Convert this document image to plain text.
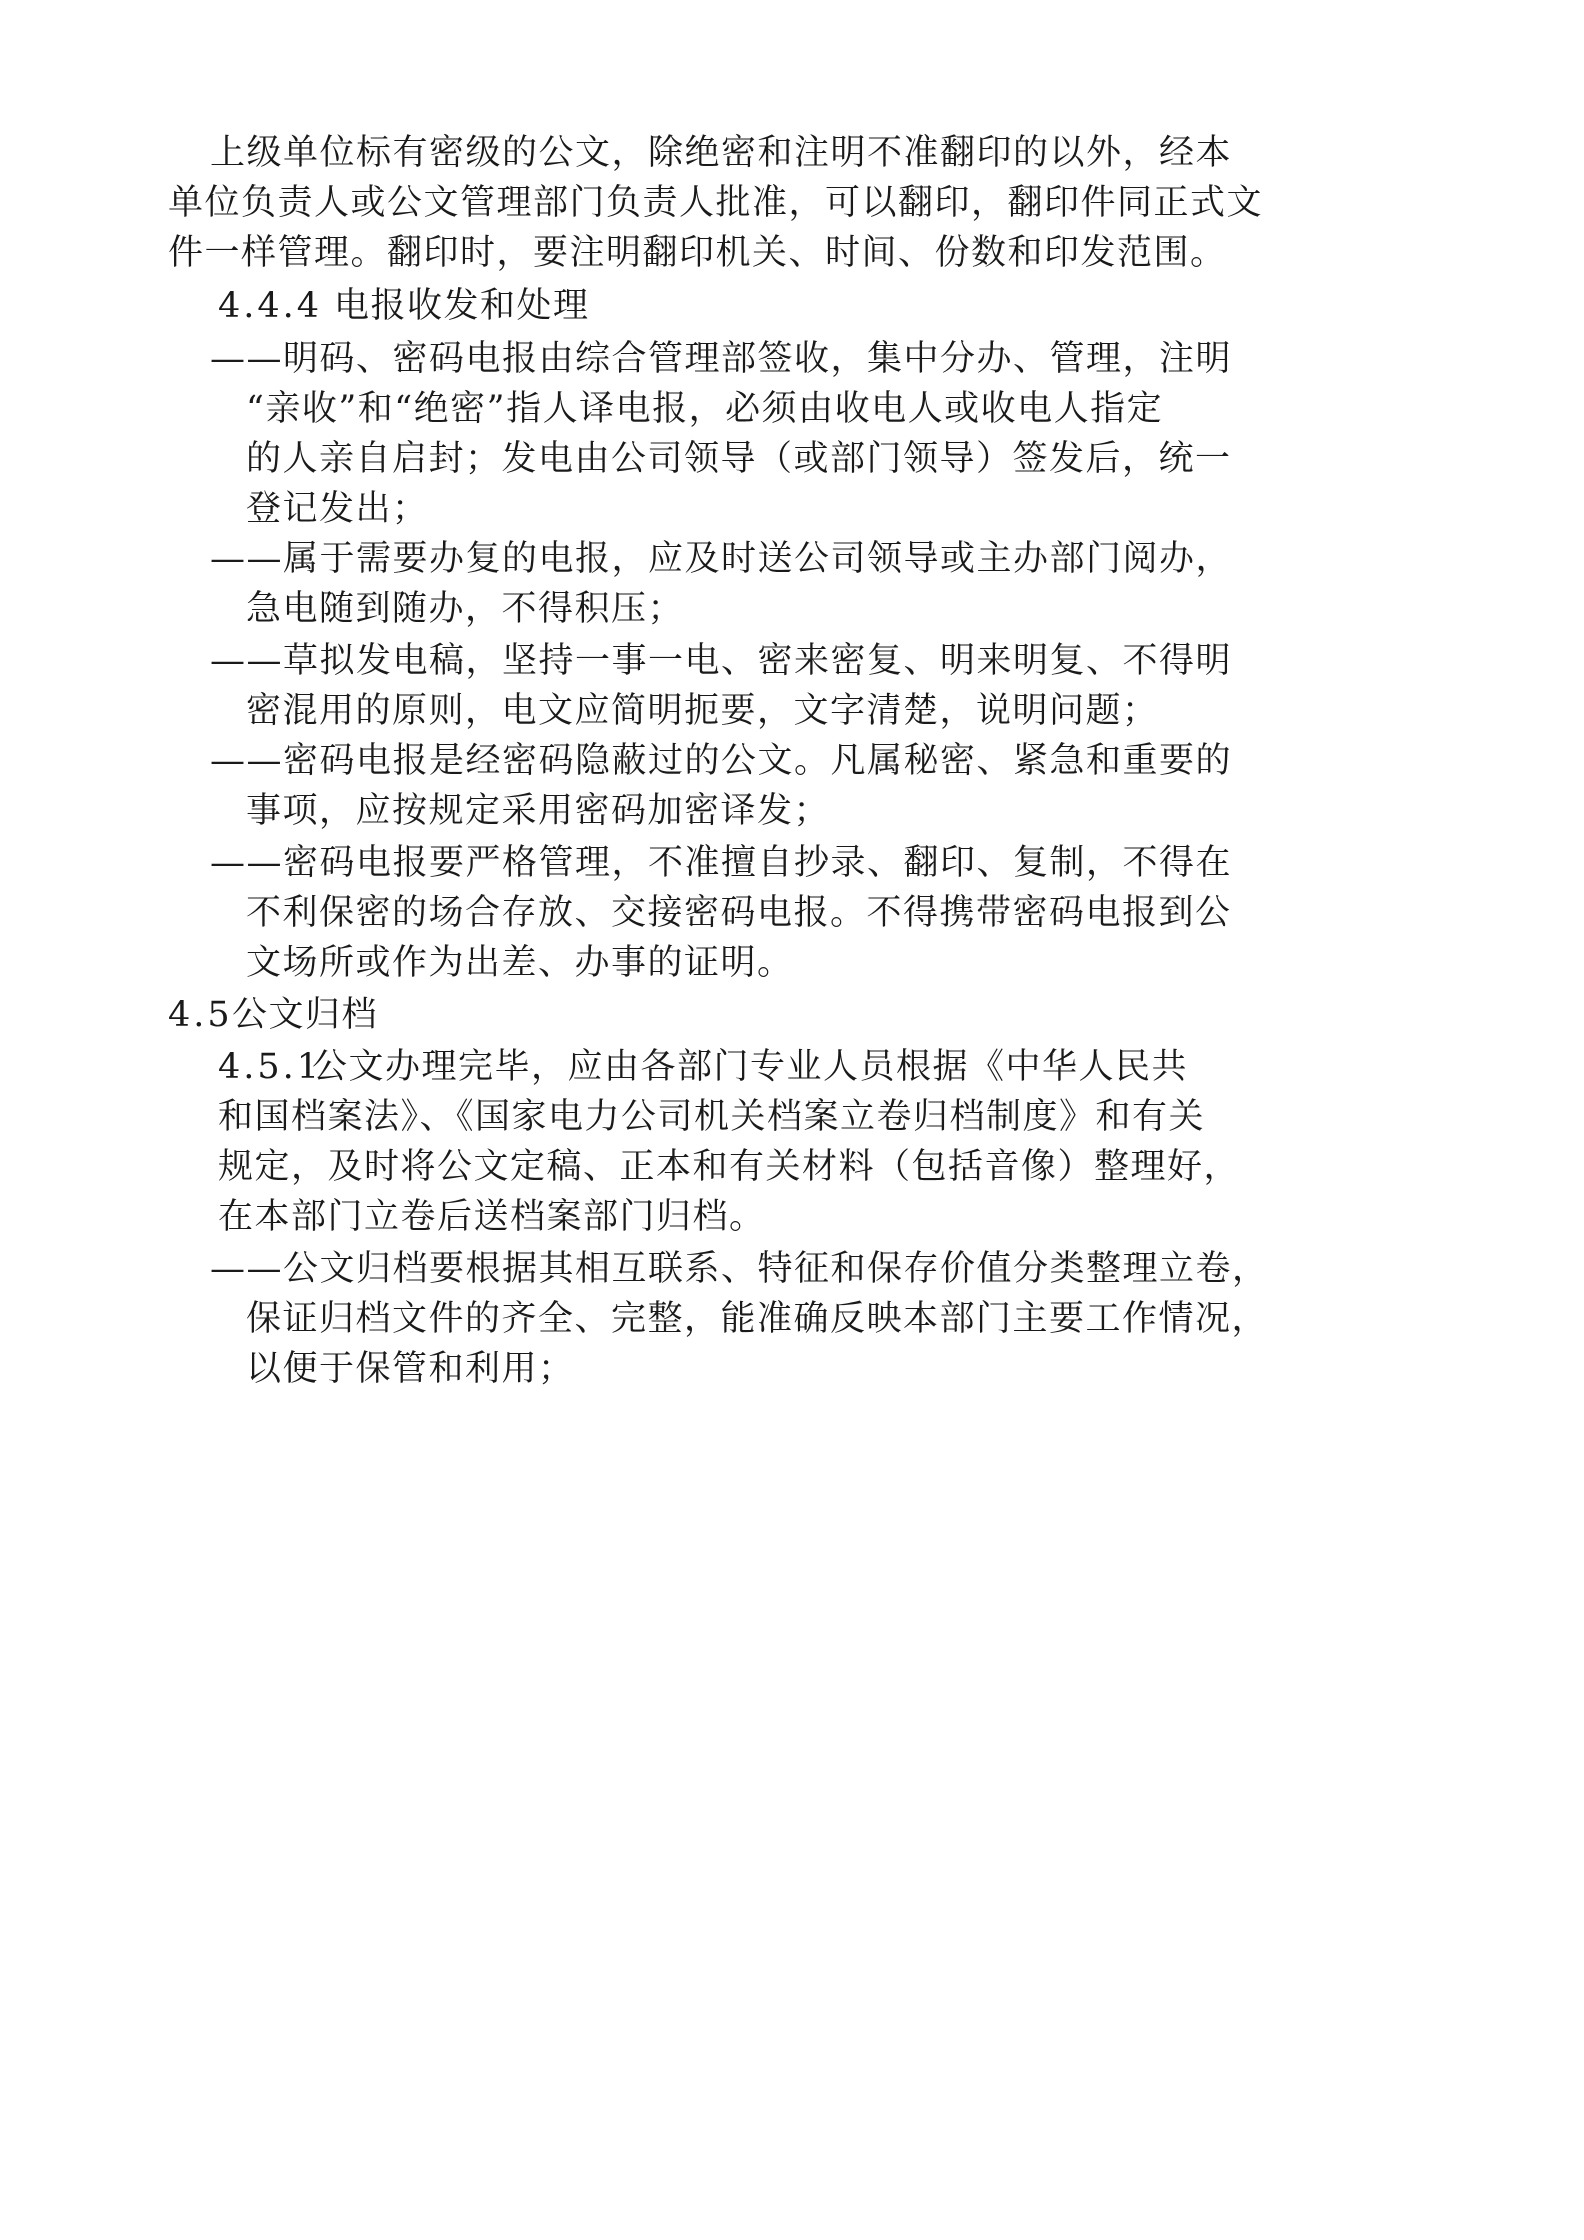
上级单位标有密级的公文，除绝密和注明不准翻印的以外，经本
单位负责人或公文管理部门负责人批准，可以翻印，翻印件同正式文
件一样管理。翻印时，要注明翻印机关、时间、份数和印发范围。
4.4.4 电报收发和处理
——明码、密码电报由综合管理部签收，集中分办、管理，注明
“亲收”和“绝密”指人译电报，必须由收电人或收电人指定
的人亲自启封；发电由公司领导（或部门领导）签发后，统一
登记发出；
——属于需要办复的电报，应及时送公司领导或主办部门阅办，
急电随到随办，不得积压；
——草拟发电稿，坚持一事一电、密来密复、明来明复、不得明
密混用的原则，电文应简明扼要，文字清楚，说明问题；
——密码电报是经密码隐蔽过的公文。凡属秘密、紧急和重要的
事项，应按规定采用密码加密译发；
——密码电报要严格管理，不准擅自抄录、翻印、复制，不得在
不利保密的场合存放、交接密码电报。不得携带密码电报到公
文场所或作为出差、办事的证明。
4.5 公文归档
4.5.1
公文办理完毕，应由各部门专业人员根据《中华人民共
和国档案法》、《国家电力公司机关档案立卷归档制度》和有关
规定，及时将公文定稿、正本和有关材料（包括音像）整理好，
在本部门立卷后送档案部门归档。
——公文归档要根据其相互联系、特征和保存价值分类整理立卷，
保证归档文件的齐全、完整，能准确反映本部门主要工作情况，
以便于保管和利用；
